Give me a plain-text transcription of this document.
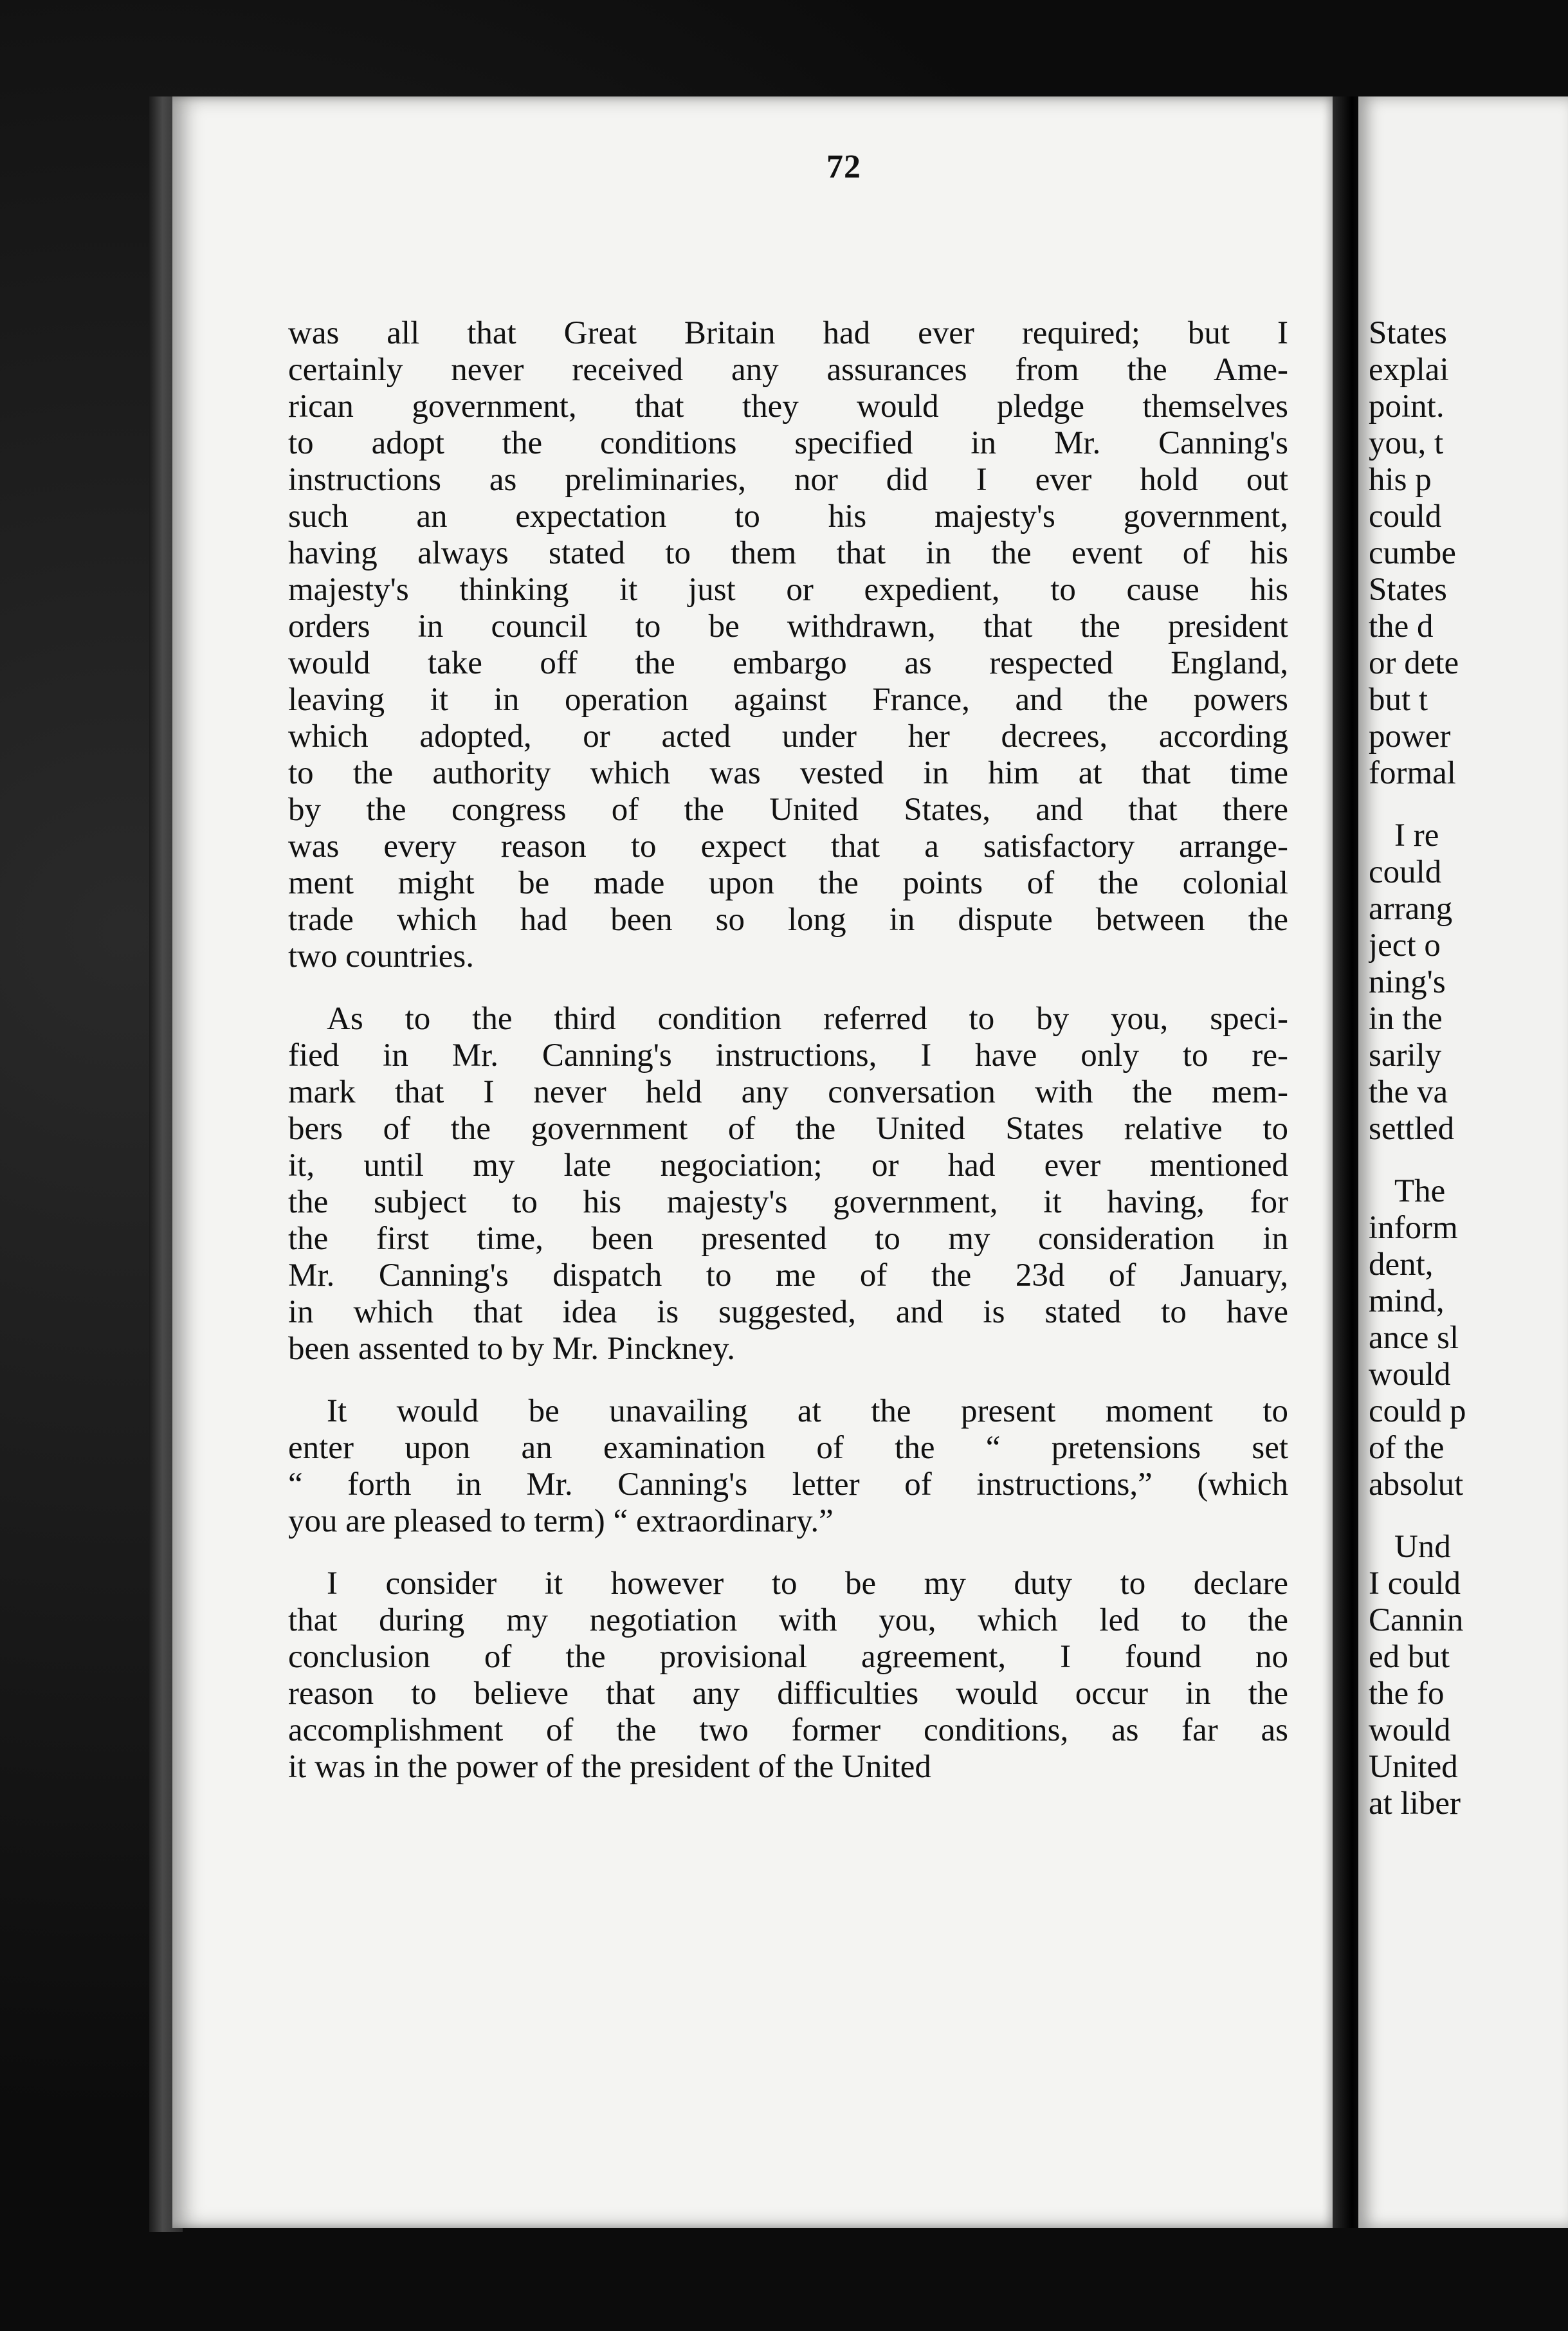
72
was all that Great Britain had ever required; but I
certainly never received any assurances from the Ame-
rican government, that they would pledge themselves
to adopt the conditions specified in Mr. Canning's
instructions as preliminaries, nor did I ever hold out
such an expectation to his majesty's government,
having always stated to them that in the event of his
majesty's thinking it just or expedient, to cause his
orders in council to be withdrawn, that the president
would take off the embargo as respected England,
leaving it in operation against France, and the powers
which adopted, or acted under her decrees, according
to the authority which was vested in him at that time
by the congress of the United States, and that there
was every reason to expect that a satisfactory arrange-
ment might be made upon the points of the colonial
trade which had been so long in dispute between the
two countries.
As to the third condition referred to by you, speci-
fied in Mr. Canning's instructions, I have only to re-
mark that I never held any conversation with the mem-
bers of the government of the United States relative to
it, until my late negociation; or had ever mentioned
the subject to his majesty's government, it having, for
the first time, been presented to my consideration in
Mr. Canning's dispatch to me of the 23d of January,
in which that idea is suggested, and is stated to have
been assented to by Mr. Pinckney.
It would be unavailing at the present moment to
enter upon an examination of the “ pretensions set
“ forth in Mr. Canning's letter of instructions,” (which
you are pleased to term) “ extraordinary.”
I consider it however to be my duty to declare
that during my negotiation with you, which led to the
conclusion of the provisional agreement, I found no
reason to believe that any difficulties would occur in the
accomplishment of the two former conditions, as far as
it was in the power of the president of the United
States
explai
point.
you, t
his p
could
cumbe
States
the d
or dete
but t
power
formal
I re
could
arrang
ject o
ning's
in the
sarily
the va
settled
The
inform
dent,
mind,
ance sl
would
could p
of the
absolut
Und
I could
Cannin
ed but
the fo
would
United
at liber
